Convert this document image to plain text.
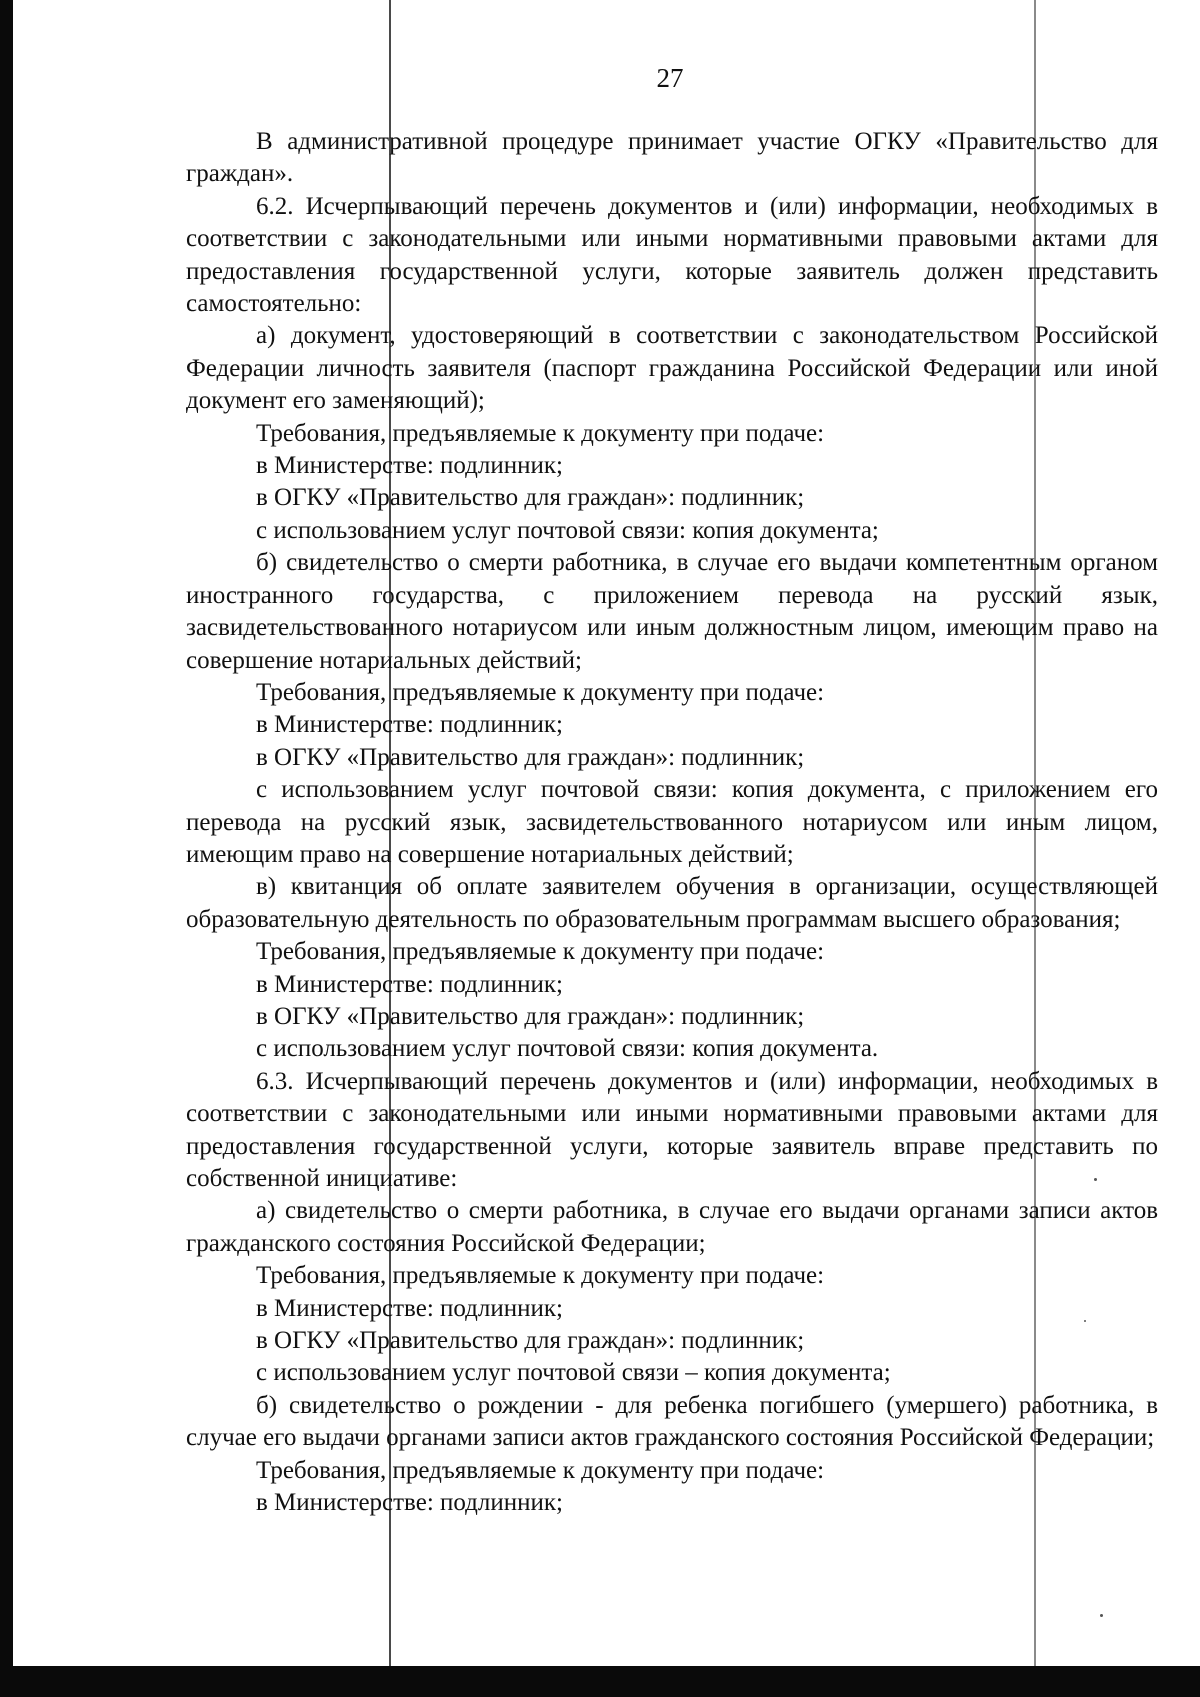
27

В административной процедуре принимает участие ОГКУ «Правительство для граждан».

6.2. Исчерпывающий перечень документов и (или) информации, необходимых в соответствии с законодательными или иными нормативными правовыми актами для предоставления государственной услуги, которые заявитель должен представить самостоятельно:

а) документ, удостоверяющий в соответствии с законодательством Российской Федерации личность заявителя (паспорт гражданина Российской Федерации или иной документ его заменяющий);

Требования, предъявляемые к документу при подаче:

в Министерстве: подлинник;

в ОГКУ «Правительство для граждан»: подлинник;

с использованием услуг почтовой связи: копия документа;

б) свидетельство о смерти работника, в случае его выдачи компетентным органом иностранного государства, с приложением перевода на русский язык, засвидетельствованного нотариусом или иным должностным лицом, имеющим право на совершение нотариальных действий;

Требования, предъявляемые к документу при подаче:

в Министерстве: подлинник;

в ОГКУ «Правительство для граждан»: подлинник;

с использованием услуг почтовой связи: копия документа, с приложением его перевода на русский язык, засвидетельствованного нотариусом или иным лицом, имеющим право на совершение нотариальных действий;

в) квитанция об оплате заявителем обучения в организации, осуществляющей образовательную деятельность по образовательным программам высшего образования;

Требования, предъявляемые к документу при подаче:

в Министерстве: подлинник;

в ОГКУ «Правительство для граждан»: подлинник;

с использованием услуг почтовой связи: копия документа.

6.3. Исчерпывающий перечень документов и (или) информации, необходимых в соответствии с законодательными или иными нормативными правовыми актами для предоставления государственной услуги, которые заявитель вправе представить по собственной инициативе:

а) свидетельство о смерти работника, в случае его выдачи органами записи актов гражданского состояния Российской Федерации;

Требования, предъявляемые к документу при подаче:

в Министерстве: подлинник;

в ОГКУ «Правительство для граждан»: подлинник;

с использованием услуг почтовой связи – копия документа;

б) свидетельство о рождении - для ребенка погибшего (умершего) работника, в случае его выдачи органами записи актов гражданского состояния Российской Федерации;

Требования, предъявляемые к документу при подаче:

в Министерстве: подлинник;
